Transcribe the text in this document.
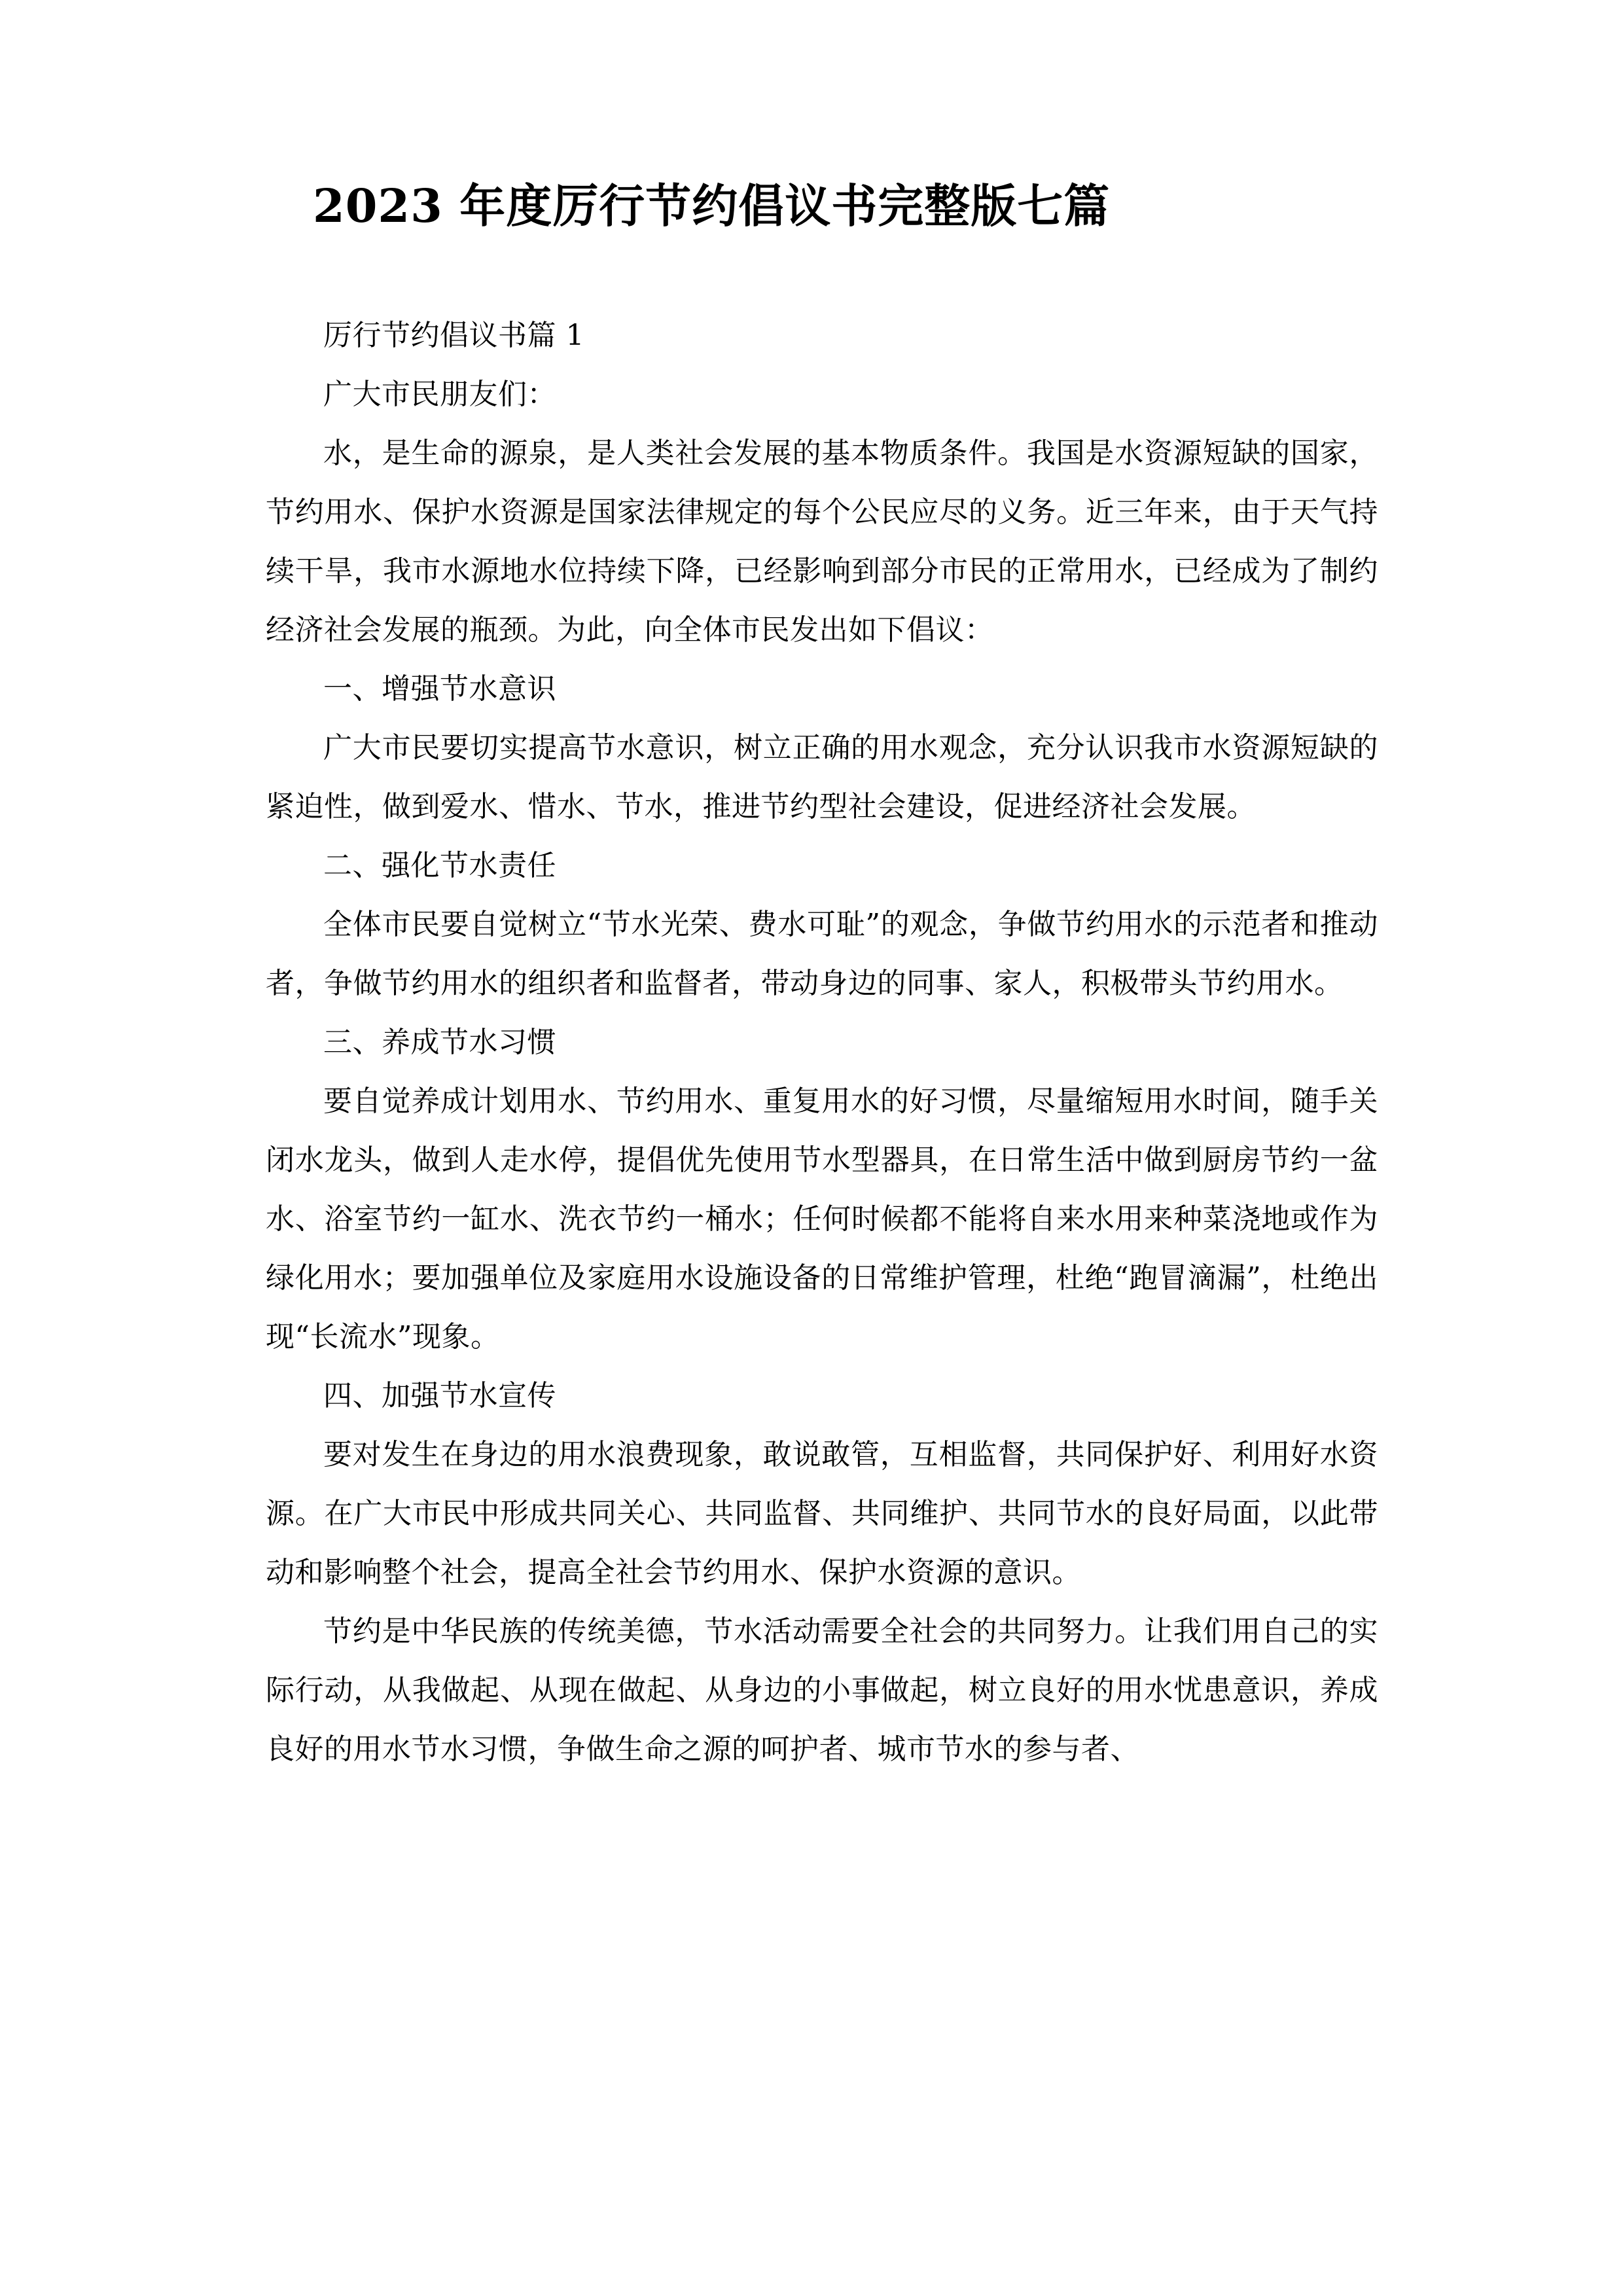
2023 年度厉行节约倡议书完整版七篇

厉行节约倡议书篇 1

广大市民朋友们：

水，是生命的源泉，是人类社会发展的基本物质条件。我国是水资源短缺的国家，节约用水、保护水资源是国家法律规定的每个公民应尽的义务。近三年来，由于天气持续干旱，我市水源地水位持续下降，已经影响到部分市民的正常用水，已经成为了制约经济社会发展的瓶颈。为此，向全体市民发出如下倡议：

一、增强节水意识

广大市民要切实提高节水意识，树立正确的用水观念，充分认识我市水资源短缺的紧迫性，做到爱水、惜水、节水，推进节约型社会建设，促进经济社会发展。

二、强化节水责任

全体市民要自觉树立“节水光荣、费水可耻”的观念，争做节约用水的示范者和推动者，争做节约用水的组织者和监督者，带动身边的同事、家人，积极带头节约用水。

三、养成节水习惯

要自觉养成计划用水、节约用水、重复用水的好习惯，尽量缩短用水时间，随手关闭水龙头，做到人走水停，提倡优先使用节水型器具，在日常生活中做到厨房节约一盆水、浴室节约一缸水、洗衣节约一桶水；任何时候都不能将自来水用来种菜浇地或作为绿化用水；要加强单位及家庭用水设施设备的日常维护管理，杜绝“跑冒滴漏”，杜绝出现“长流水”现象。

四、加强节水宣传

要对发生在身边的用水浪费现象，敢说敢管，互相监督，共同保护好、利用好水资源。在广大市民中形成共同关心、共同监督、共同维护、共同节水的良好局面，以此带动和影响整个社会，提高全社会节约用水、保护水资源的意识。

节约是中华民族的传统美德，节水活动需要全社会的共同努力。让我们用自己的实际行动，从我做起、从现在做起、从身边的小事做起，树立良好的用水忧患意识，养成良好的用水节水习惯，争做生命之源的呵护者、城市节水的参与者、
